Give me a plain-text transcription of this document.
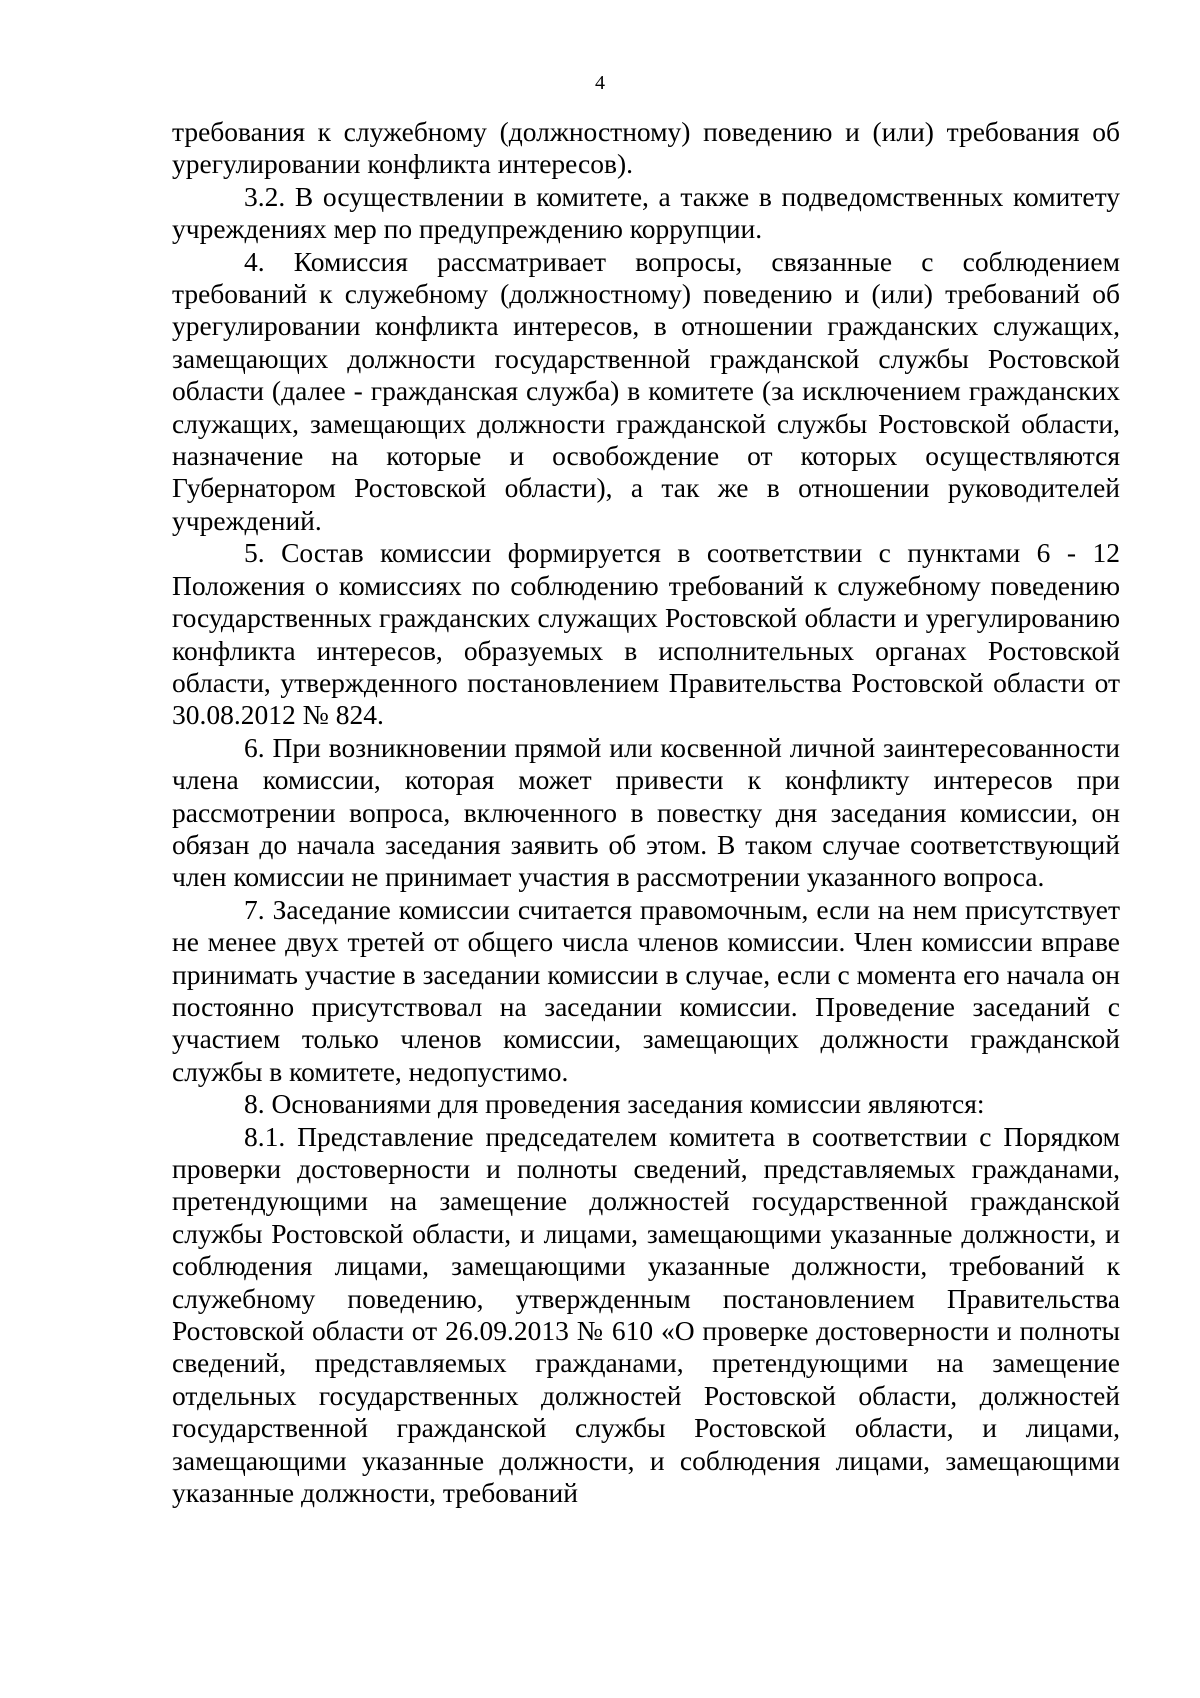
4

требования к служебному (должностному) поведению и (или) требования об урегулировании конфликта интересов).

3.2. В осуществлении в комитете, а также в подведомственных комитету учреждениях мер по предупреждению коррупции.

4. Комиссия рассматривает вопросы, связанные с соблюдением требований к служебному (должностному) поведению и (или) требований об урегулировании конфликта интересов, в отношении гражданских служащих, замещающих должности государственной гражданской службы Ростовской области (далее - гражданская служба) в комитете (за исключением гражданских служащих, замещающих должности гражданской службы Ростовской области, назначение на которые и освобождение от которых осуществляются Губернатором Ростовской области), а так же в отношении руководителей учреждений.

5. Состав комиссии формируется в соответствии с пунктами 6 - 12 Положения о комиссиях по соблюдению требований к служебному поведению государственных гражданских служащих Ростовской области и урегулированию конфликта интересов, образуемых в исполнительных органах Ростовской области, утвержденного постановлением Правительства Ростовской области от 30.08.2012 № 824.

6. При возникновении прямой или косвенной личной заинтересованности члена комиссии, которая может привести к конфликту интересов при рассмотрении вопроса, включенного в повестку дня заседания комиссии, он обязан до начала заседания заявить об этом. В таком случае соответствующий член комиссии не принимает участия в рассмотрении указанного вопроса.

7. Заседание комиссии считается правомочным, если на нем присутствует не менее двух третей от общего числа членов комиссии. Член комиссии вправе принимать участие в заседании комиссии в случае, если с момента его начала он постоянно присутствовал на заседании комиссии. Проведение заседаний с участием только членов комиссии, замещающих должности гражданской службы в комитете, недопустимо.

8. Основаниями для проведения заседания комиссии являются:

8.1. Представление председателем комитета в соответствии с Порядком проверки достоверности и полноты сведений, представляемых гражданами, претендующими на замещение должностей государственной гражданской службы Ростовской области, и лицами, замещающими указанные должности, и соблюдения лицами, замещающими указанные должности, требований к служебному поведению, утвержденным постановлением Правительства Ростовской области от 26.09.2013 № 610 «О проверке достоверности и полноты сведений, представляемых гражданами, претендующими на замещение отдельных государственных должностей Ростовской области, должностей государственной гражданской службы Ростовской области, и лицами, замещающими указанные должности, и соблюдения лицами, замещающими указанные должности, требований
